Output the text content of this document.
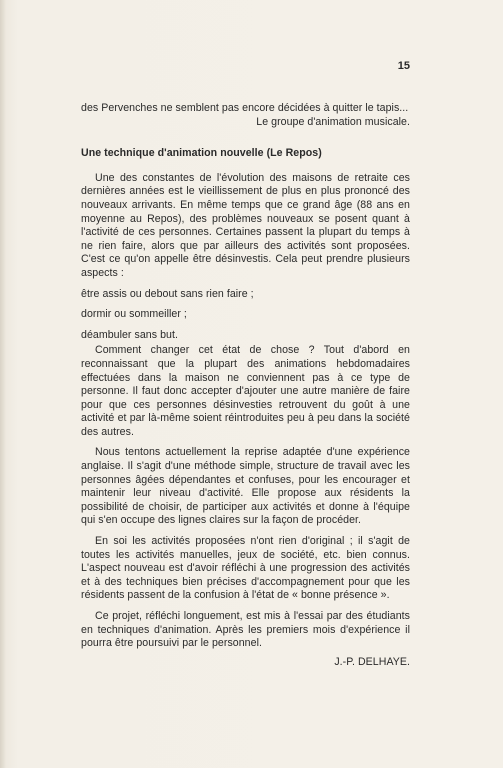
15

des Pervenches ne semblent pas encore décidées à quitter le tapis...

Le groupe d'animation musicale.

Une technique d'animation nouvelle (Le Repos)

Une des constantes de l'évolution des maisons de retraite ces dernières années est le vieillissement de plus en plus prononcé des nouveaux arrivants. En même temps que ce grand âge (88 ans en moyenne au Repos), des problèmes nouveaux se posent quant à l'activité de ces personnes. Certaines passent la plupart du temps à ne rien faire, alors que par ailleurs des activités sont proposées. C'est ce qu'on appelle être désinvestis. Cela peut prendre plusieurs aspects :

être assis ou debout sans rien faire ;

dormir ou sommeiller ;

déambuler sans but.

Comment changer cet état de chose ? Tout d'abord en reconnaissant que la plupart des animations hebdomadaires effectuées dans la maison ne conviennent pas à ce type de personne. Il faut donc accepter d'ajouter une autre manière de faire pour que ces personnes désinvesties retrouvent du goût à une activité et par là-même soient réintroduites peu à peu dans la société des autres.

Nous tentons actuellement la reprise adaptée d'une expérience anglaise. Il s'agit d'une méthode simple, structure de travail avec les personnes âgées dépendantes et confuses, pour les encourager et maintenir leur niveau d'activité. Elle propose aux résidents la possibilité de choisir, de participer aux activités et donne à l'équipe qui s'en occupe des lignes claires sur la façon de procéder.

En soi les activités proposées n'ont rien d'original ; il s'agit de toutes les activités manuelles, jeux de société, etc. bien connus. L'aspect nouveau est d'avoir réfléchi à une progression des activités et à des techniques bien précises d'accompagnement pour que les résidents passent de la confusion à l'état de « bonne présence ».

Ce projet, réfléchi longuement, est mis à l'essai par des étudiants en techniques d'animation. Après les premiers mois d'expérience il pourra être poursuivi par le personnel.

J.-P. DELHAYE.
